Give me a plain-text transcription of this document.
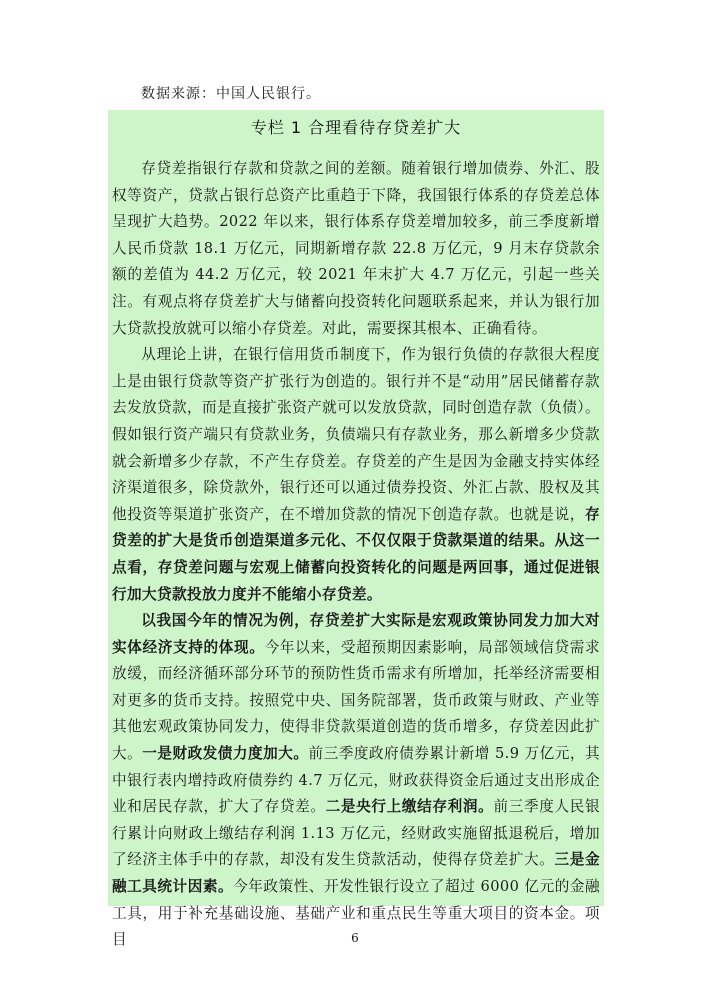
数据来源：中国人民银行。
专栏 1 合理看待存贷差扩大

存贷差指银行存款和贷款之间的差额。随着银行增加债券、外汇、股权等资产，贷款占银行总资产比重趋于下降，我国银行体系的存贷差总体呈现扩大趋势。2022 年以来，银行体系存贷差增加较多，前三季度新增人民币贷款 18.1 万亿元，同期新增存款 22.8 万亿元，9 月末存贷款余额的差值为 44.2 万亿元，较 2021 年末扩大 4.7 万亿元，引起一些关注。有观点将存贷差扩大与储蓄向投资转化问题联系起来，并认为银行加大贷款投放就可以缩小存贷差。对此，需要探其根本、正确看待。

从理论上讲，在银行信用货币制度下，作为银行负债的存款很大程度上是由银行贷款等资产扩张行为创造的。银行并不是“动用”居民储蓄存款去发放贷款，而是直接扩张资产就可以发放贷款，同时创造存款（负债）。假如银行资产端只有贷款业务，负债端只有存款业务，那么新增多少贷款就会新增多少存款，不产生存贷差。存贷差的产生是因为金融支持实体经济渠道很多，除贷款外，银行还可以通过债券投资、外汇占款、股权及其他投资等渠道扩张资产，在不增加贷款的情况下创造存款。也就是说，存贷差的扩大是货币创造渠道多元化、不仅仅限于贷款渠道的结果。从这一点看，存贷差问题与宏观上储蓄向投资转化的问题是两回事，通过促进银行加大贷款投放力度并不能缩小存贷差。

以我国今年的情况为例，存贷差扩大实际是宏观政策协同发力加大对实体经济支持的体现。今年以来，受超预期因素影响，局部领域信贷需求放缓，而经济循环部分环节的预防性货币需求有所增加，托举经济需要相对更多的货币支持。按照党中央、国务院部署，货币政策与财政、产业等其他宏观政策协同发力，使得非贷款渠道创造的货币增多，存贷差因此扩大。一是财政发债力度加大。前三季度政府债券累计新增 5.9 万亿元，其中银行表内增持政府债券约 4.7 万亿元，财政获得资金后通过支出形成企业和居民存款，扩大了存贷差。二是央行上缴结存利润。前三季度人民银行累计向财政上缴结存利润 1.13 万亿元，经财政实施留抵退税后，增加了经济主体手中的存款，却没有发生贷款活动，使得存贷差扩大。三是金融工具统计因素。今年政策性、开发性银行设立了超过 6000 亿元的金融工具，用于补充基础设施、基础产业和重点民生等重大项目的资本金。项目	6
